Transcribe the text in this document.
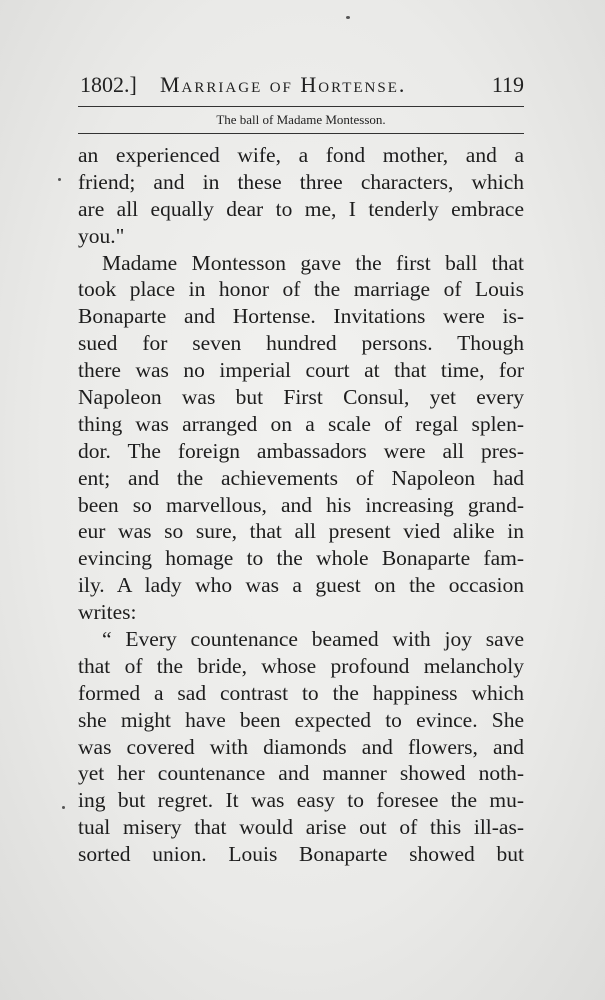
1802.] Marriage of Hortense.	119
The ball of Madame Montesson.
an experienced wife, a fond mother, and a
friend; and in these three characters, which
are all equally dear to me, I tenderly embrace
you."
Madame Montesson gave the first ball that
took place in honor of the marriage of Louis
Bonaparte and Hortense. Invitations were is-
sued for seven hundred persons. Though
there was no imperial court at that time, for
Napoleon was but First Consul, yet every
thing was arranged on a scale of regal splen-
dor. The foreign ambassadors were all pres-
ent; and the achievements of Napoleon had
been so marvellous, and his increasing grand-
eur was so sure, that all present vied alike in
evincing homage to the whole Bonaparte fam-
ily. A lady who was a guest on the occasion
writes:
“ Every countenance beamed with joy save
that of the bride, whose profound melancholy
formed a sad contrast to the happiness which
she might have been expected to evince. She
was covered with diamonds and flowers, and
yet her countenance and manner showed noth-
ing but regret. It was easy to foresee the mu-
tual misery that would arise out of this ill-as-
sorted union. Louis Bonaparte showed but
